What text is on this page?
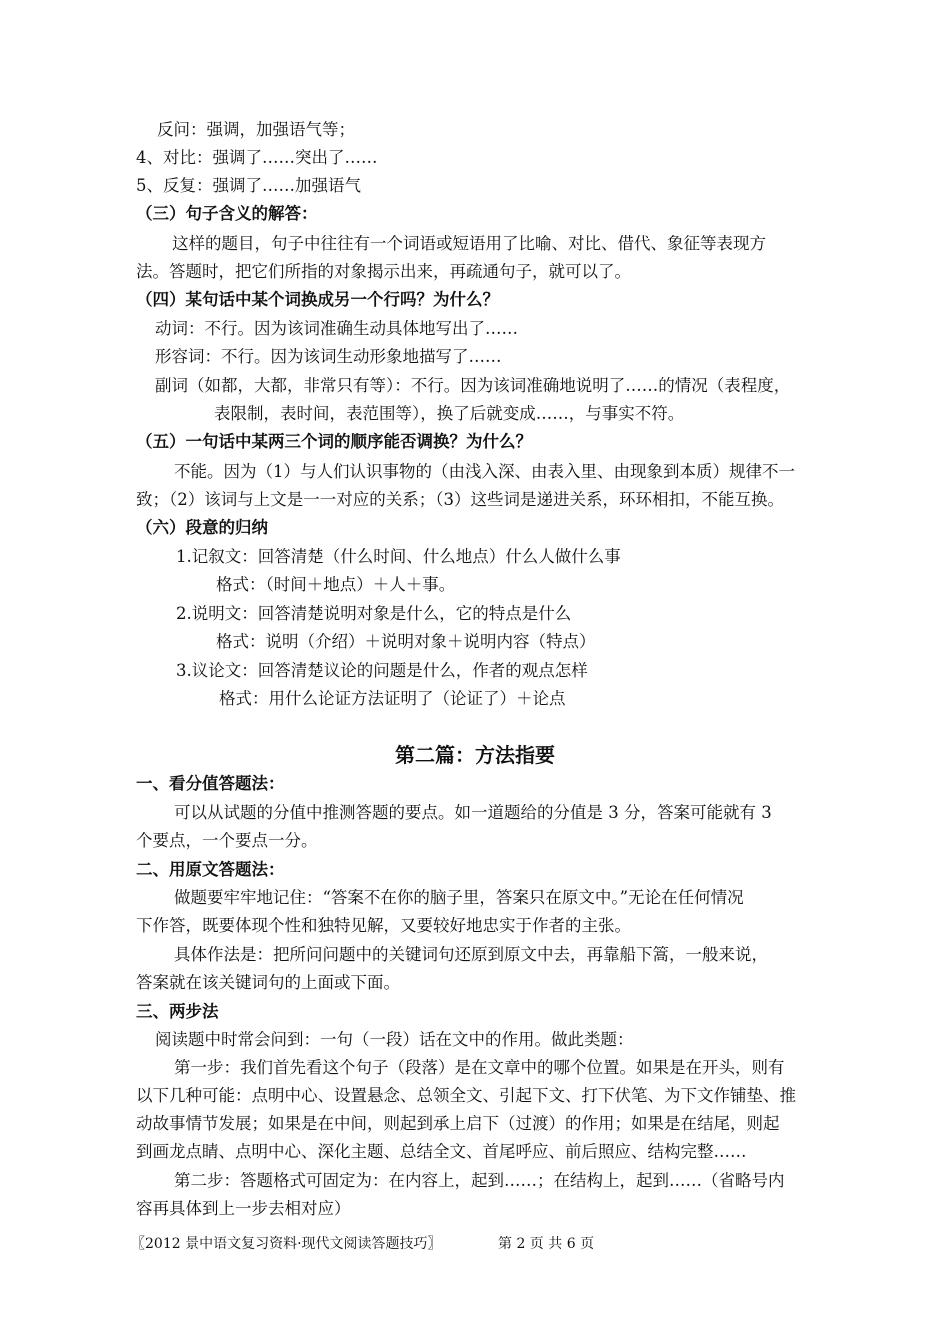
反问：强调，加强语气等；
4、对比：强调了……突出了……
5、反复：强调了……加强语气
（三）句子含义的解答：
这样的题目，句子中往往有一个词语或短语用了比喻、对比、借代、象征等表现方
法。答题时，把它们所指的对象揭示出来，再疏通句子，就可以了。
（四）某句话中某个词换成另一个行吗？为什么？
动词：不行。因为该词准确生动具体地写出了……
形容词：不行。因为该词生动形象地描写了……
副词（如都，大都，非常只有等）：不行。因为该词准确地说明了……的情况（表程度，
表限制，表时间，表范围等），换了后就变成……，与事实不符。
（五）一句话中某两三个词的顺序能否调换？为什么？
不能。因为（1）与人们认识事物的（由浅入深、由表入里、由现象到本质）规律不一
致；（2）该词与上文是一一对应的关系；（3）这些词是递进关系，环环相扣，不能互换。
（六）段意的归纳
1.记叙文：回答清楚（什么时间、什么地点）什么人做什么事
格式：（时间＋地点）＋人＋事。
2.说明文：回答清楚说明对象是什么，它的特点是什么
格式：说明（介绍）＋说明对象＋说明内容（特点）
3.议论文：回答清楚议论的问题是什么，作者的观点怎样
格式：用什么论证方法证明了（论证了）＋论点
第二篇：方法指要
一、看分值答题法：
可以从试题的分值中推测答题的要点。如一道题给的分值是 3 分，答案可能就有 3
个要点，一个要点一分。
二、用原文答题法：
做题要牢牢地记住：“答案不在你的脑子里，答案只在原文中。”无论在任何情况
下作答，既要体现个性和独特见解，又要较好地忠实于作者的主张。
具体作法是：把所问问题中的关键词句还原到原文中去，再靠船下篙，一般来说，
答案就在该关键词句的上面或下面。
三、两步法
阅读题中时常会问到：一句（一段）话在文中的作用。做此类题：
第一步：我们首先看这个句子（段落）是在文章中的哪个位置。如果是在开头，则有
以下几种可能：点明中心、设置悬念、总领全文、引起下文、打下伏笔、为下文作铺垫、推
动故事情节发展；如果是在中间，则起到承上启下（过渡）的作用；如果是在结尾，则起
到画龙点睛、点明中心、深化主题、总结全文、首尾呼应、前后照应、结构完整……
第二步：答题格式可固定为：在内容上，起到……；在结构上，起到……（省略号内
容再具体到上一步去相对应）
〖2012 景中语文复习资料·现代文阅读答题技巧〗	第 2 页 共 6 页
